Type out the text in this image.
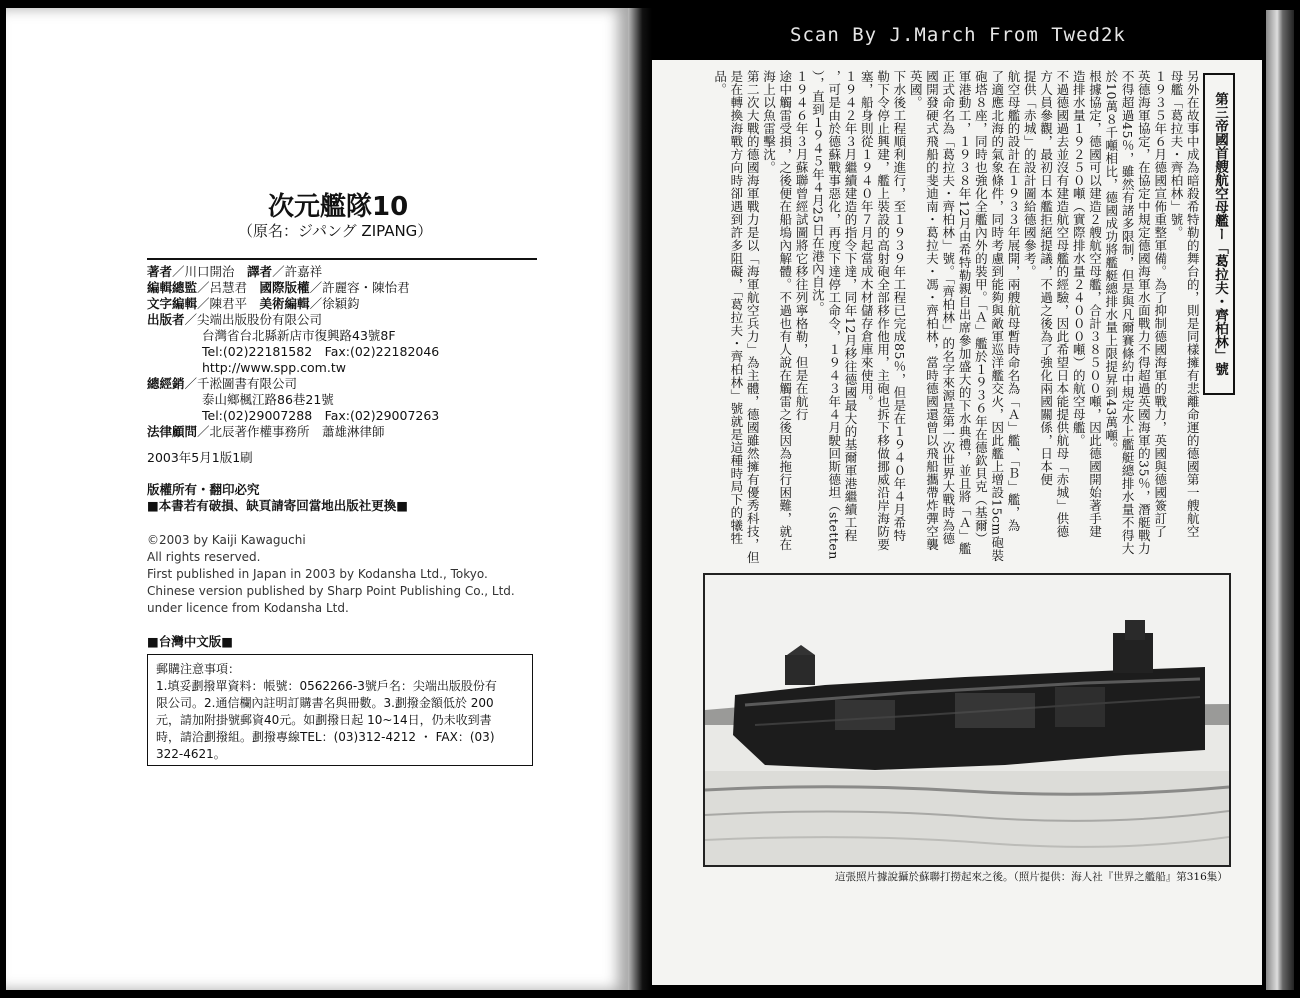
Scan By J.March From Twed2k
次元艦隊10
（原名：ジパング ZIPANG）
著者／川口開治　 譯者／許嘉祥
編輯總監／呂慧君　 國際版權／許麗容・陳怡君
文字編輯／陳君平　 美術編輯／徐穎鈞
出版者／尖端出版股份有限公司
台灣省台北縣新店市復興路43號8F
Tel:(02)22181582　Fax:(02)22182046
http://www.spp.com.tw
總經銷／千淞圖書有限公司
泰山鄉楓江路86巷21號
Tel:(02)29007288　Fax:(02)29007263
法律顧問／北辰著作權事務所　蕭雄淋律師
2003年5月1版1刷
版權所有・翻印必究
■本書若有破損、缺頁請寄回當地出版社更換■
©2003 by Kaiji Kawaguchi
All rights reserved.
First published in Japan in 2003 by Kodansha Ltd., Tokyo.
Chinese version published by Sharp Point Publishing Co., Ltd.
under licence from Kodansha Ltd.
■台灣中文版■
郵購注意事項：
1.填妥劃撥單資料：帳號：0562266-3號戶名：尖端出版股份有
限公司。2.通信欄內註明訂購書名與冊數。3.劃撥金額低於 200
元，請加附掛號郵資40元。如劃撥日起 10~14日，仍未收到書
時，請洽劃撥組。劃撥專線TEL：(03)312-4212 ・ FAX：(03)
322-4621。
第三帝國首艘航空母艦ー「葛拉夫・齊柏林」號
另外在故事中成為暗殺希特勒的舞台的，則是同樣擁有悲離命運的德國第一艘航空
母艦「葛拉夫・齊柏林」號。
１９３５年６月德國宣佈重整軍備。為了抑制德國海軍的戰力，英國與德國簽訂了
英德海軍協定，在協定中規定德國海軍水面戰力不得超過英國海軍的35％，潛艇戰力
不得超過45％，雖然有諸多限制，但是與凡爾賽條約中規定水上艦艇總排水量不得大
於10萬８千噸相比，德國成功將艦艇總排水量上限提昇到43萬噸。
根據協定，德國可以建造２艘航空母艦，合計３８５００噸，因此德國開始著手建
造排水量１９２５０噸（實際排水量２４０００噸）的航空母艦。
不過德國過去並沒有建造航空母艦的經驗，因此希望日本能提供航母「赤城」供德
方人員參觀，最初日本艦拒絕提議，不過之後為了強化兩國關係，日本便
提供「赤城」的設計圖給德國參考。
航空母艦的設計在１９３３年展開，兩艘航母暫時命名為「Ａ」艦、「Ｂ」艦，為
了適應北海的氣象條件，同時考慮到能夠與敵軍巡洋艦交火，因此艦上增設15cm砲裝
砲塔８座，同時也強化全艦內外的裝甲。「Ａ」艦於１９３６年在德欽貝克（基爾）
軍港動工，１９３８年12月由希特勒親自出席參加盛大的下水典禮，並且將「Ａ」艦
正式命名為「葛拉夫・齊柏林」號。「齊柏林」的名字來源是第一次世界大戰時為德
國開發硬式飛船的斐迪南・葛拉夫・馮・齊柏林，當時德國還曾以飛船攜帶炸彈空襲
英國。
下水後工程順利進行，至１９３９年工程已完成85％，但是在１９４０年４月希特
勒下令停止興建，艦上裝設的高射砲全部移作他用，主砲也拆下移做挪威沿岸海防要
塞，船身則從１９４０年７月起當成木材儲存倉庫來使用。
１９４２年３月繼續建造的指令下達，同年12月移往德國最大的基爾軍港繼續工程
，可是由於德蘇戰事惡化，再度下達停工命令，１９４３年４月駛回斯德坦（stetten
），直到１９４５年４月25日在港內自沈。
１９４６年３月蘇聯曾經試圖將它移往列寧格勒，但是在航行
途中觸雷受損，之後便在船塢內解體。不過也有人說在觸雷之後因為拖行困難，就在
海上以魚雷擊沈。
第二次大戰的德國海軍戰力是以「海軍航空兵力」為主體，德國雖然擁有優秀科技，但
是在轉換海戰方向時卻遇到許多阻礙，「葛拉夫・齊柏林」號就是這種時局下的犧牲
品。
這張照片據說攝於蘇聯打撈起來之後。（照片提供：海人社『世界之艦船』第316集）
